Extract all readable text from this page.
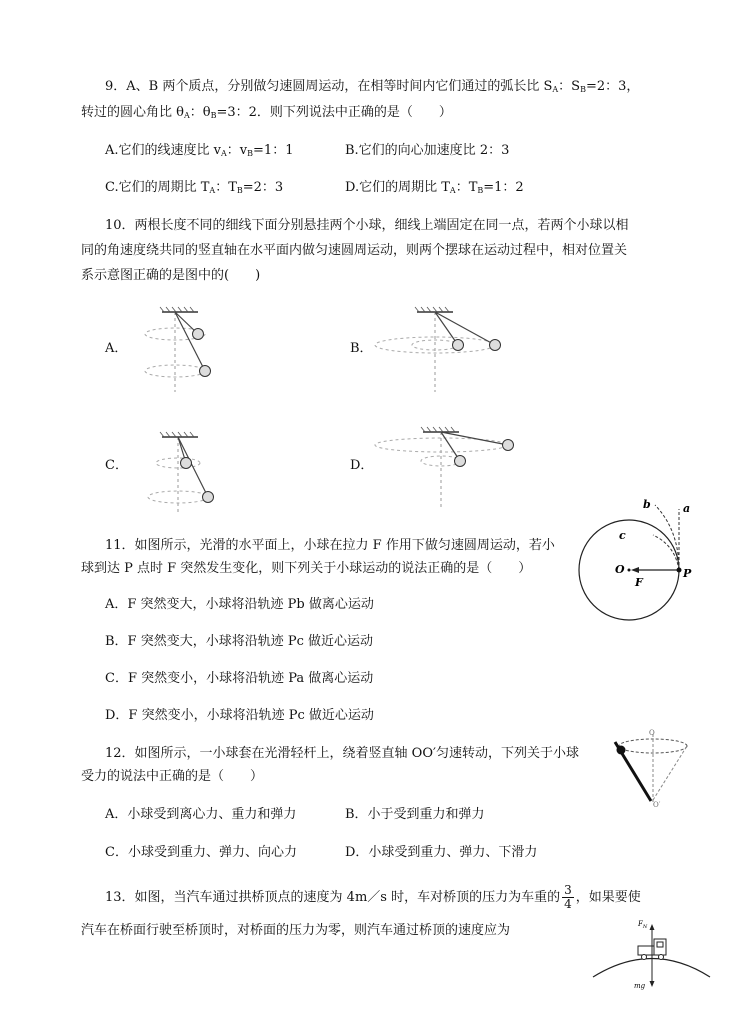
9．A、B 两个质点，分别做匀速圆周运动，在相等时间内它们通过的弧长比 $S_A$：$S_B=2$：3，
转过的圆心角比 $\theta_A$：$\theta_B=3$：2．则下列说法中正确的是（　　）
A.它们的线速度比 $v_A$：$v_B=1$：1	B.它们的向心加速度比 2：3
C.它们的周期比 $T_A$：$T_B=2$：3	D.它们的周期比 $T_A$：$T_B=1$：2
10．两根长度不同的细线下面分别悬挂两个小球，细线上端固定在同一点，若两个小球以相
同的角速度绕共同的竖直轴在水平面内做匀速圆周运动，则两个摆球在运动过程中，相对位置关
系示意图正确的是图中的(　　)
A．	B．
C．	D．
11．如图所示，光滑的水平面上，小球在拉力 F 作用下做匀速圆周运动，若小
球到达 P 点时 F 突然发生变化，则下列关于小球运动的说法正确的是（　　）
A．F 突然变大，小球将沿轨迹 Pb 做离心运动
B．F 突然变大，小球将沿轨迹 Pc 做近心运动
C．F 突然变小，小球将沿轨迹 Pa 做离心运动
D．F 突然变小，小球将沿轨迹 Pc 做近心运动
a
b
c
O	P
F
12．如图所示，一小球套在光滑轻杆上，绕着竖直轴 OO′匀速转动，下列关于小球
受力的说法中正确的是（　　）
A．小球受到离心力、重力和弹力	B．小于受到重力和弹力
C．小球受到重力、弹力、向心力	D．小球受到重力、弹力、下滑力
O
O′
13．如图，当汽车通过拱桥顶点的速度为 4m／s 时，车对桥顶的压力为车重的 $\frac{3}{4}$ ，如果要使
汽车在桥面行驶至桥顶时，对桥面的压力为零，则汽车通过桥顶的速度应为	$F_N$
mg
